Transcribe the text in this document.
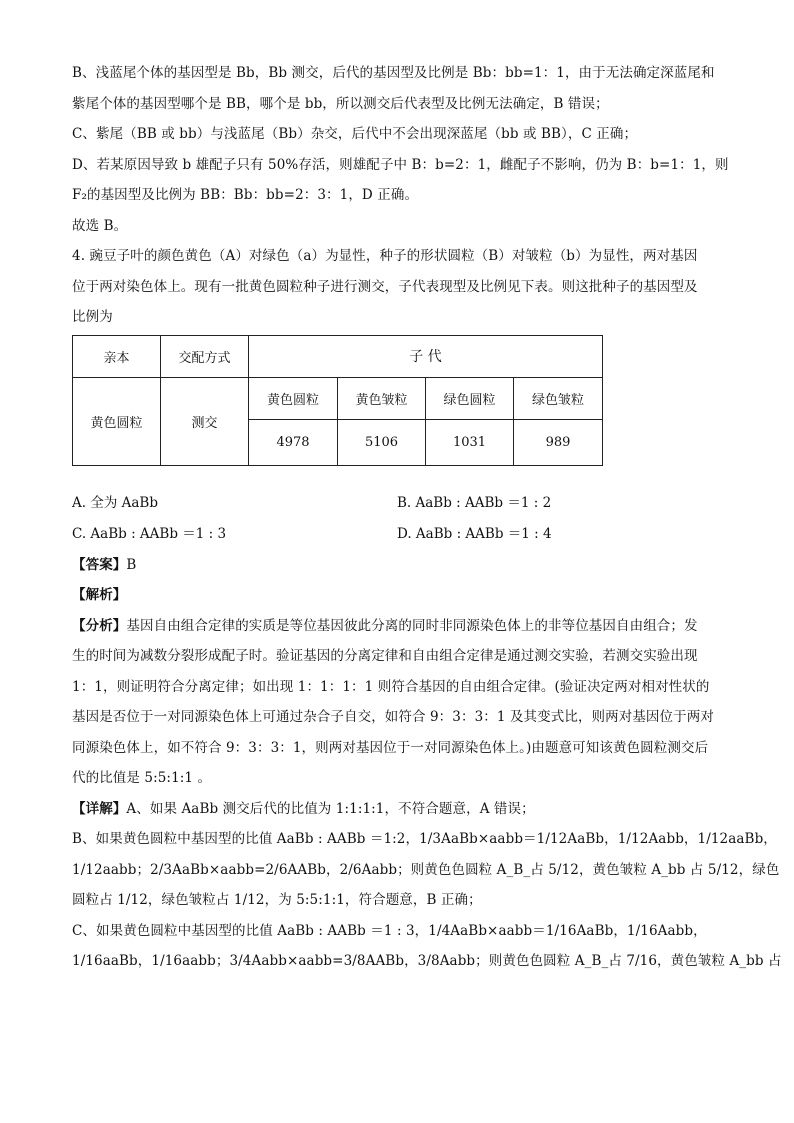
B、浅蓝尾个体的基因型是 Bb，Bb 测交，后代的基因型及比例是 Bb：bb=1：1，由于无法确定深蓝尾和
紫尾个体的基因型哪个是 BB，哪个是 bb，所以测交后代表型及比例无法确定，B 错误；
C、紫尾（BB 或 bb）与浅蓝尾（Bb）杂交，后代中不会出现深蓝尾（bb 或 BB），C 正确；
D、若某原因导致 b 雄配子只有 50%存活，则雄配子中 B：b=2：1，雌配子不影响，仍为 B：b=1：1，则
F₂的基因型及比例为 BB：Bb：bb=2：3：1，D 正确。
故选 B。
4. 豌豆子叶的颜色黄色（A）对绿色（a）为显性，种子的形状圆粒（B）对皱粒（b）为显性，两对基因
位于两对染色体上。现有一批黄色圆粒种子进行测交，子代表现型及比例见下表。则这批种子的基因型及
比例为
亲本	交配方式	子 代			
黄色圆粒	测交	黄色圆粒	黄色皱粒	绿色圆粒	绿色皱粒
		4978	5106	1031	989
A. 全为 AaBb	B. AaBb : AABb ＝1 : 2
C. AaBb : AABb ＝1 : 3	D. AaBb : AABb ＝1 : 4
【答案】B
【解析】
【分析】基因自由组合定律的实质是等位基因彼此分离的同时非同源染色体上的非等位基因自由组合；发
生的时间为减数分裂形成配子时。验证基因的分离定律和自由组合定律是通过测交实验，若测交实验出现
1：1，则证明符合分离定律；如出现 1：1：1：1 则符合基因的自由组合定律。(验证决定两对相对性状的
基因是否位于一对同源染色体上可通过杂合子自交，如符合 9：3：3：1 及其变式比，则两对基因位于两对
同源染色体上，如不符合 9：3：3：1，则两对基因位于一对同源染色体上。)由题意可知该黄色圆粒测交后
代的比值是 5:5:1:1 。
【详解】A、如果 AaBb 测交后代的比值为 1:1:1:1，不符合题意，A 错误；
B、如果黄色圆粒中基因型的比值 AaBb : AABb ＝1:2，1/3AaBb×aabb＝1/12AaBb，1/12Aabb，1/12aaBb，
1/12aabb；2/3AaBb×aabb=2/6AABb，2/6Aabb；则黄色色圆粒 A_B_占 5/12，黄色皱粒 A_bb 占 5/12，绿色
圆粒占 1/12，绿色皱粒占 1/12，为 5:5:1:1，符合题意，B 正确；
C、如果黄色圆粒中基因型的比值 AaBb : AABb ＝1 : 3，1/4AaBb×aabb＝1/16AaBb，1/16Aabb，
1/16aaBb，1/16aabb；3/4Aabb×aabb=3/8AABb，3/8Aabb；则黄色色圆粒 A_B_占 7/16，黄色皱粒 A_bb 占
